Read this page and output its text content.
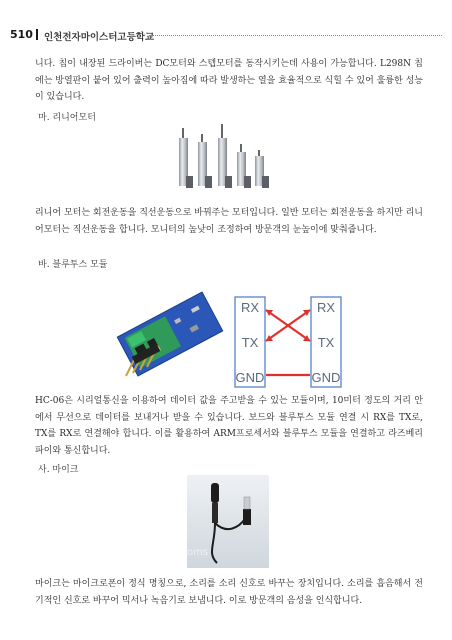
510 인천전자마이스터고등학교

니다. 칩이 내장된 드라이버는 DC모터와 스텝모터를 동작시키는데 사용이 가능합니다. L298N 칩에는 방열판이 붙어 있어 출력이 높아짐에 따라 발생하는 열을 효율적으로 식힐 수 있어 훌륭한 성능이 있습니다.

마. 리니어모터

리니어 모터는 회전운동을 직선운동으로 바꿔주는 모터입니다. 일반 모터는 회전운동을 하지만 리니어모터는 직선운동을 합니다. 모니터의 높낮이 조정하여 방문객의 눈높이에 맞춰줍니다.

바. 블루투스 모듈
RX
TX
GND
RX
TX
GND

HC-06은 시리얼통신을 이용하여 데이터 값을 주고받을 수 있는 모듈이며, 10미터 정도의 거리 안에서 무선으로 데이터를 보내거나 받을 수 있습니다. 보드와 블루투스 모듈 연결 시 RX를 TX로, TX를 RX로 연결해야 합니다. 이를 활용하여 ARM프로세서와 블루투스 모듈을 연결하고 라즈베리파이와 통신합니다.

사. 마이크
oms

마이크는 마이크로폰이 정식 명칭으로, 소리를 소리 신호로 바꾸는 장치입니다. 소리를 흡음해서 전기적인 신호로 바꾸어 믹서나 녹음기로 보냅니다. 이로 방문객의 음성을 인식합니다.
